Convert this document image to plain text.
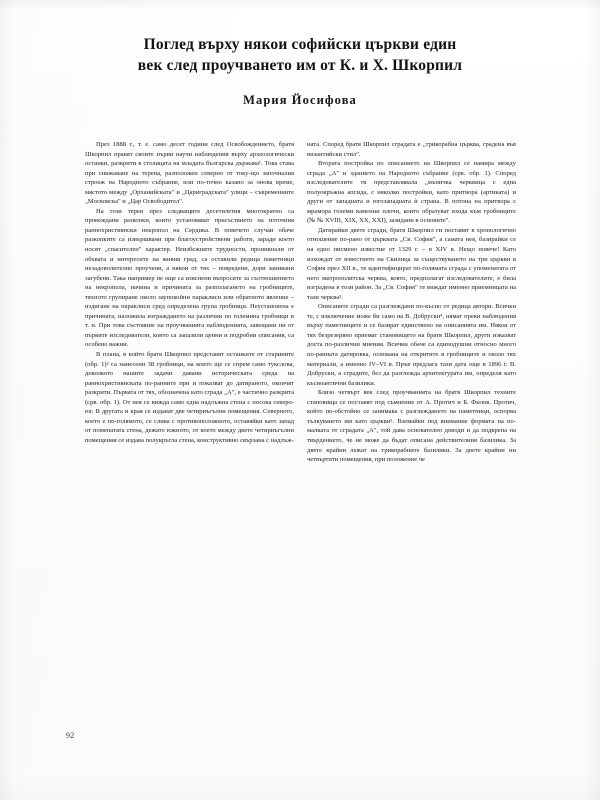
Поглед върху някои софийски църкви един
век след проучването им от К. и Х. Шкорпил
Мария Йосифова

През 1888 г., т. е. само десет години след Освобождението, братя Шкорпил правят своите първи научи наблюдения върху археологически останки, разкрити в столицата на младата българска държава¹. Това става при снижаване на терена, разположен северно от току-що започналия строеж на Народното събрание, или по-точно казано за онова време, мястото между „Орханийската" и „Цариградската" улици – съвременните „Московска" и „Цар Освободител".

На този терен през следващите десетилетия многократно са провеждани разкопки, които установяват присъствието на източния раннохристиянски некропол на Сердика. В повечето случаи обаче разкопките са извършвани при благоустройствени работи, заради което носят „спасителен" характер. Неизбежните трудности, проникнали от обхвата и интересите на живия град, са оставили редица паметници незадоволително проучени, а някои от тях – повредени, дори занивани загубени. Така например не още са изяснени въпросите за съотношението на некропола, начина и причината за разполагането на гробниците, тяхното групиране около заупокойни параклиси или обратното явление – издигане на параклиси сред определена група гробници. Неустановена е причината, наложила изграждането на различни по големина гробници и т. н. При това състояние на проучванията наблюденията, завещани ни от първите изследователи, които са запазили ценни и подробни описания, са особено важни.

В плана, в който братя Шкорпил представят останките от старините (обр. 1)² са нанесени 38 гробници, на които ще се спрем само тукслова, доколкото нашите задачи давани историческата среда на раннохристиянската по-ранните при и показват до датираното, окончят разкрити. Първата от тях, обозначена като сграда „А", е частично разкрита (срв. обр. 1). От нея се вижда само една надлъжна стена с посока северо-юг. В другата и края се издават две четириъгълни помещения. Северното, което е по-голямото, се слива с противоположното, оставяйки като запад от поменатата стена, дежато южното, от което между двете четириъгълни помещения се издава полукръгла стена, конструктивно свързана с надлъж-

ната. Според братя Шкорпил сградата е „трикорабна църква, градена във византийски стил".

Втората постройка по описанието на Шкорпил се намира между сграда „А" и зданието на Народното събрание (срв. обр. 1). Според изследователите тя представлявала „мъничка черквица с една полуокръжна апсида, с няколко постройки, като притвора (артиката) и други от западната и югозападната ѝ страна. В потона на притвора с мрамора големи каменни плочи, които образуват входа към гробниците (№ № XVIII, XIX, XX, XXI), зазидани в основите".

Датирайки двете сгради, братя Шкорпил ги поставят в хронологично отношение по-рано от църквата „Св. София", а самата нея, базирайки се на едно писмено известие от 1329 г. – в XIV в. Нещо повече! Като изхождат от известието на Скилица за съществуването на три църкви в София през XII в., те идентифицират по-голямата сграда с упоменатата от него митрополитска черква, която, предполагат изследователите, е била изградена в този район. За „Св. София" те виждат именно приемницата на тази черква³.

Описаните сгради са разглеждани по-късно от редица автори. Всички те, с изключение може би само на В. Добруски⁴, нямат преки наблюдения върху паметниците и се базират единствено на описанията им. Някои от тях безрезервно приемат становището на братя Шкорпил, други изказват доста по-различни мнения. Всички обаче са единодушни относно много по-ранната датировка, основана на откритите в гробниците и около тях материали, а именно IV–VI в. Пръв предлага тази дата още в 1896 г. В. Добруски, а сградите, без да разглежда архитектурата им, определя като късноантични базилики.

Близо четвърт век след проучванията на братя Шкорпил техните становища се поставят под съмнение от А. Протич и Б. Филов. Протич, който по-обстойно се занимава с разглеждането на паметници, оспорва тълкуването им като църкви⁵. Вземайки под внимание формата на по-малката от сградата „А", той дава основателно доводи и да подкрепа на твърдението, че не може да бъдат описана действителния базилика. За двете крайни лежат на трикорабните базилики. За двете крайни ни четвъртити помещения, при положение че

92
